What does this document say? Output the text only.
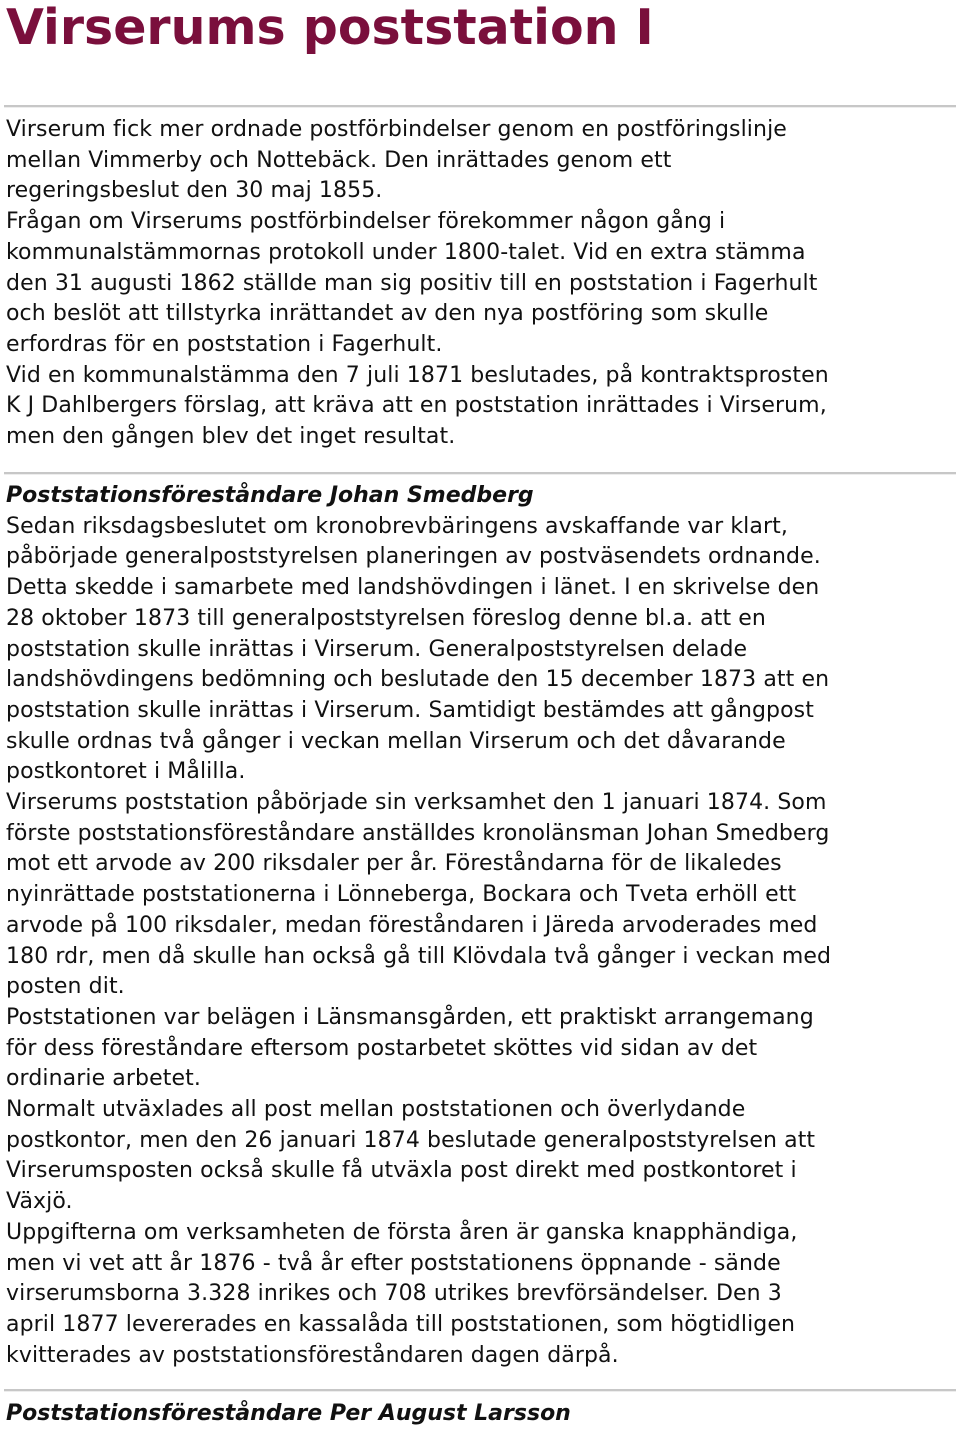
Virserums poststation I

Virserum fick mer ordnade postförbindelser genom en postföringslinje
mellan Vimmerby och Nottebäck. Den inrättades genom ett
regeringsbeslut den 30 maj 1855.

Frågan om Virserums postförbindelser förekommer någon gång i
kommunalstämmornas protokoll under 1800-talet. Vid en extra stämma
den 31 augusti 1862 ställde man sig positiv till en poststation i Fagerhult
och beslöt att tillstyrka inrättandet av den nya postföring som skulle
erfordras för en poststation i Fagerhult.

Vid en kommunalstämma den 7 juli 1871 beslutades, på kontraktsprosten
K J Dahlbergers förslag, att kräva att en poststation inrättades i Virserum,
men den gången blev det inget resultat.

Poststationsföreståndare Johan Smedberg

Sedan riksdagsbeslutet om kronobrevbäringens avskaffande var klart,
påbörjade generalpoststyrelsen planeringen av postväsendets ordnande.
Detta skedde i samarbete med landshövdingen i länet. I en skrivelse den
28 oktober 1873 till generalpoststyrelsen föreslog denne bl.a. att en
poststation skulle inrättas i Virserum. Generalpoststyrelsen delade
landshövdingens bedömning och beslutade den 15 december 1873 att en
poststation skulle inrättas i Virserum. Samtidigt bestämdes att gångpost
skulle ordnas två gånger i veckan mellan Virserum och det dåvarande
postkontoret i Målilla.

Virserums poststation påbörjade sin verksamhet den 1 januari 1874. Som
förste poststationsföreståndare anställdes kronolänsman Johan Smedberg
mot ett arvode av 200 riksdaler per år. Föreståndarna för de likaledes
nyinrättade poststationerna i Lönneberga, Bockara och Tveta erhöll ett
arvode på 100 riksdaler, medan föreståndaren i Järeda arvoderades med
180 rdr, men då skulle han också gå till Klövdala två gånger i veckan med
posten dit.

Poststationen var belägen i Länsmansgården, ett praktiskt arrangemang
för dess föreståndare eftersom postarbetet sköttes vid sidan av det
ordinarie arbetet.

Normalt utväxlades all post mellan poststationen och överlydande
postkontor, men den 26 januari 1874 beslutade generalpoststyrelsen att
Virserumsposten också skulle få utväxla post direkt med postkontoret i
Växjö.

Uppgifterna om verksamheten de första åren är ganska knapphändiga,
men vi vet att år 1876 - två år efter poststationens öppnande - sände
virserumsborna 3.328 inrikes och 708 utrikes brevförsändelser. Den 3
april 1877 levererades en kassalåda till poststationen, som högtidligen
kvitterades av poststationsföreståndaren dagen därpå.

Poststationsföreståndare Per August Larsson
